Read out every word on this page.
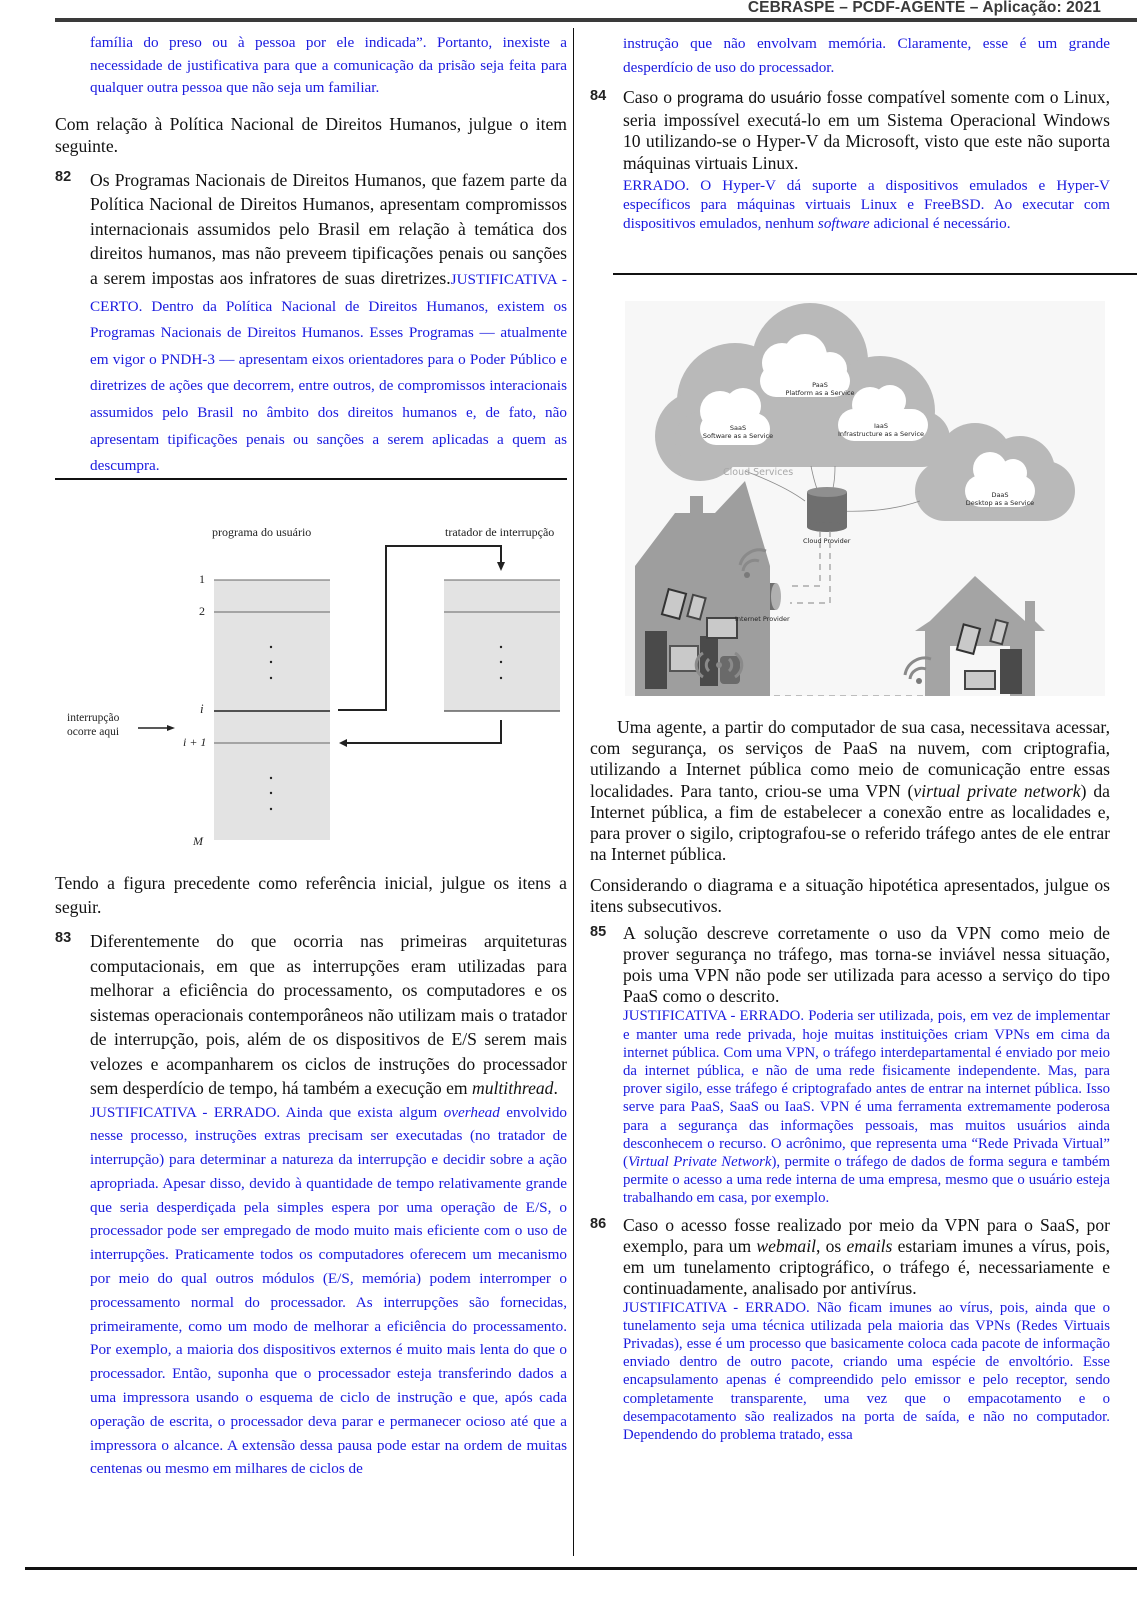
CEBRASPE – PCDF-AGENTE – Aplicação: 2021

família do preso ou à pessoa por ele indicada”. Portanto, inexiste a necessidade de justificativa para que a comunicação da prisão seja feita para qualquer outra pessoa que não seja um familiar.

Com relação à Política Nacional de Direitos Humanos, julgue o item seguinte.

82 Os Programas Nacionais de Direitos Humanos, que fazem parte da Política Nacional de Direitos Humanos, apresentam compromissos internacionais assumidos pelo Brasil em relação à temática dos direitos humanos, mas não preveem tipificações penais ou sanções a serem impostas aos infratores de suas diretrizes.JUSTIFICATIVA - CERTO. Dentro da Política Nacional de Direitos Humanos, existem os Programas Nacionais de Direitos Humanos. Esses Programas — atualmente em vigor o PNDH-3 — apresentam eixos orientadores para o Poder Público e diretrizes de ações que decorrem, entre outros, de compromissos interacionais assumidos pelo Brasil no âmbito dos direitos humanos e, de fato, não apresentam tipificações penais ou sanções a serem aplicadas a quem as descumpra.

programa do usuário	tratador de interrupção
1
2
i
i + 1
M
interrupção
ocorre aqui

Tendo a figura precedente como referência inicial, julgue os itens a seguir.

83 Diferentemente do que ocorria nas primeiras arquiteturas computacionais, em que as interrupções eram utilizadas para melhorar a eficiência do processamento, os computadores e os sistemas operacionais contemporâneos não utilizam mais o tratador de interrupção, pois, além de os dispositivos de E/S serem mais velozes e acompanharem os ciclos de instruções do processador sem desperdício de tempo, há também a execução em multithread.

JUSTIFICATIVA - ERRADO. Ainda que exista algum overhead envolvido nesse processo, instruções extras precisam ser executadas (no tratador de interrupção) para determinar a natureza da interrupção e decidir sobre a ação apropriada. Apesar disso, devido à quantidade de tempo relativamente grande que seria desperdiçada pela simples espera por uma operação de E/S, o processador pode ser empregado de modo muito mais eficiente com o uso de interrupções. Praticamente todos os computadores oferecem um mecanismo por meio do qual outros módulos (E/S, memória) podem interromper o processamento normal do processador. As interrupções são fornecidas, primeiramente, como um modo de melhorar a eficiência do processamento. Por exemplo, a maioria dos dispositivos externos é muito mais lenta do que o processador. Então, suponha que o processador esteja transferindo dados a uma impressora usando o esquema de ciclo de instrução e que, após cada operação de escrita, o processador deva parar e permanecer ocioso até que a impressora o alcance. A extensão dessa pausa pode estar na ordem de muitas centenas ou mesmo em milhares de ciclos de

instrução que não envolvam memória. Claramente, esse é um grande desperdício de uso do processador.

84 Caso o programa do usuário fosse compatível somente com o Linux, seria impossível executá-lo em um Sistema Operacional Windows 10 utilizando-se o Hyper-V da Microsoft, visto que este não suporta máquinas virtuais Linux.

ERRADO. O Hyper-V dá suporte a dispositivos emulados e Hyper-V específicos para máquinas virtuais Linux e FreeBSD. Ao executar com dispositivos emulados, nenhum software adicional é necessário.

PaaS
Platform as a Service
SaaS
Software as a Service
IaaS
Infrastructure as a Service
DaaS
Desktop as a Service
Cloud Services
Cloud Provider
Internet Provider

Uma agente, a partir do computador de sua casa, necessitava acessar, com segurança, os serviços de PaaS na nuvem, com criptografia, utilizando a Internet pública como meio de comunicação entre essas localidades. Para tanto, criou-se uma VPN (virtual private network) da Internet pública, a fim de estabelecer a conexão entre as localidades e, para prover o sigilo, criptografou-se o referido tráfego antes de ele entrar na Internet pública.

Considerando o diagrama e a situação hipotética apresentados, julgue os itens subsecutivos.

85 A solução descreve corretamente o uso da VPN como meio de prover segurança no tráfego, mas torna-se inviável nessa situação, pois uma VPN não pode ser utilizada para acesso a serviço do tipo PaaS como o descrito.

JUSTIFICATIVA - ERRADO. Poderia ser utilizada, pois, em vez de implementar e manter uma rede privada, hoje muitas instituições criam VPNs em cima da internet pública. Com uma VPN, o tráfego interdepartamental é enviado por meio da internet pública, e não de uma rede fisicamente independente. Mas, para prover sigilo, esse tráfego é criptografado antes de entrar na internet pública. Isso serve para PaaS, SaaS ou IaaS. VPN é uma ferramenta extremamente poderosa para a segurança das informações pessoais, mas muitos usuários ainda desconhecem o recurso. O acrônimo, que representa uma “Rede Privada Virtual” (Virtual Private Network), permite o tráfego de dados de forma segura e também permite o acesso a uma rede interna de uma empresa, mesmo que o usuário esteja trabalhando em casa, por exemplo.

86 Caso o acesso fosse realizado por meio da VPN para o SaaS, por exemplo, para um webmail, os emails estariam imunes a vírus, pois, em um tunelamento criptográfico, o tráfego é, necessariamente e continuadamente, analisado por antivírus.

JUSTIFICATIVA - ERRADO. Não ficam imunes ao vírus, pois, ainda que o tunelamento seja uma técnica utilizada pela maioria das VPNs (Redes Virtuais Privadas), esse é um processo que basicamente coloca cada pacote de informação enviado dentro de outro pacote, criando uma espécie de envoltório. Esse encapsulamento apenas é compreendido pelo emissor e pelo receptor, sendo completamente transparente, uma vez que o empacotamento e o desempacotamento são realizados na porta de saída, e não no computador. Dependendo do problema tratado, essa
